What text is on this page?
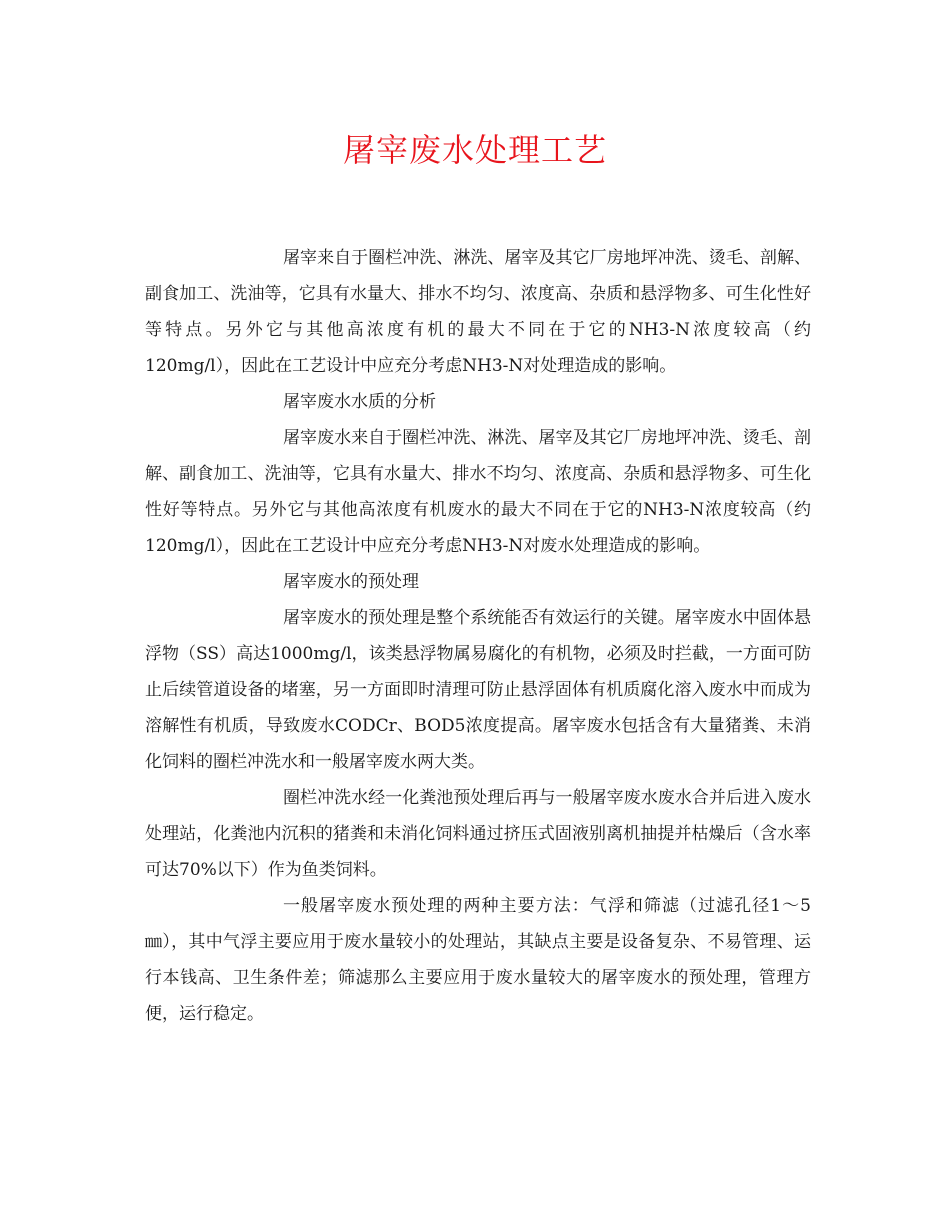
屠宰废水处理工艺

屠宰来自于圈栏冲洗、淋洗、屠宰及其它厂房地坪冲洗、烫毛、剖解、副食加工、洗油等，它具有水量大、排水不均匀、浓度高、杂质和悬浮物多、可生化性好等特点。另外它与其他高浓度有机的最大不同在于它的NH3-N浓度较高（约120mg/l），因此在工艺设计中应充分考虑NH3-N对处理造成的影响。

屠宰废水水质的分析

屠宰废水来自于圈栏冲洗、淋洗、屠宰及其它厂房地坪冲洗、烫毛、剖解、副食加工、洗油等，它具有水量大、排水不均匀、浓度高、杂质和悬浮物多、可生化性好等特点。另外它与其他高浓度有机废水的最大不同在于它的NH3-N浓度较高（约120mg/l），因此在工艺设计中应充分考虑NH3-N对废水处理造成的影响。

屠宰废水的预处理

屠宰废水的预处理是整个系统能否有效运行的关键。屠宰废水中固体悬浮物（SS）高达1000mg/l，该类悬浮物属易腐化的有机物，必须及时拦截，一方面可防止后续管道设备的堵塞，另一方面即时清理可防止悬浮固体有机质腐化溶入废水中而成为溶解性有机质，导致废水CODCr、BOD5浓度提高。屠宰废水包括含有大量猪粪、未消化饲料的圈栏冲洗水和一般屠宰废水两大类。

圈栏冲洗水经一化粪池预处理后再与一般屠宰废水废水合并后进入废水处理站，化粪池内沉积的猪粪和未消化饲料通过挤压式固液别离机抽提并枯燥后（含水率可达70%以下）作为鱼类饲料。

一般屠宰废水预处理的两种主要方法：气浮和筛滤（过滤孔径1～5 ㎜），其中气浮主要应用于废水量较小的处理站，其缺点主要是设备复杂、不易管理、运行本钱高、卫生条件差；筛滤那么主要应用于废水量较大的屠宰废水的预处理，管理方便，运行稳定。
